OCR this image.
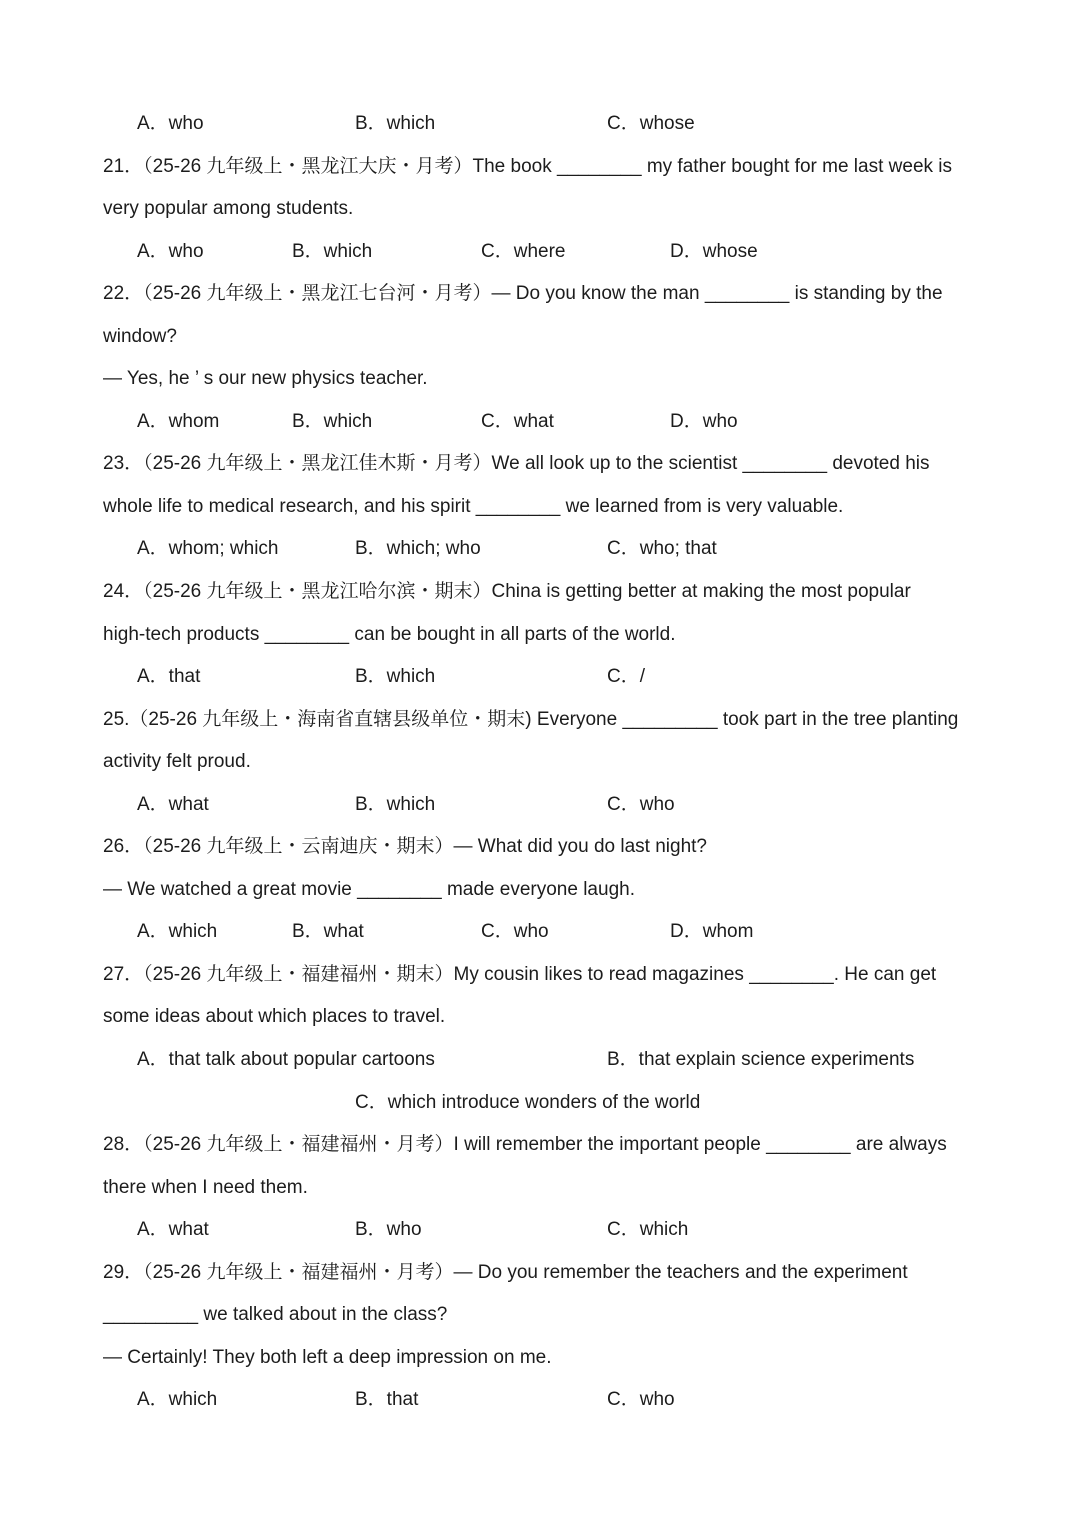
A．who	B．which	C．whose
21．（25-26 九年级上・黑龙江大庆・月考）The book ________ my father bought for me last week is
very popular among students.
A．who	B．which	C．where	D．whose
22．（25-26 九年级上・黑龙江七台河・月考）— Do you know the man ________ is standing by the
window?
— Yes, he ’ s our new physics teacher.
A．whom	B．which	C．what	D．who
23．（25-26 九年级上・黑龙江佳木斯・月考）We all look up to the scientist ________ devoted his
whole life to medical research, and his spirit ________ we learned from is very valuable.
A．whom; which	B．which; who	C．who; that
24．（25-26 九年级上・黑龙江哈尔滨・期末）China is getting better at making the most popular
high-tech products ________ can be bought in all parts of the world.
A．that	B．which	C．/
25.（25-26 九年级上・海南省直辖县级单位・期末) Everyone _________ took part in the tree planting
activity felt proud.
A．what	B．which	C．who
26．（25-26 九年级上・云南迪庆・期末）— What did you do last night?
— We watched a great movie ________ made everyone laugh.
A．which	B．what	C．who	D．whom
27．（25-26 九年级上・福建福州・期末）My cousin likes to read magazines ________. He can get
some ideas about which places to travel.
A．that talk about popular cartoons	B．that explain science experiments
C．which introduce wonders of the world
28．（25-26 九年级上・福建福州・月考）I will remember the important people ________ are always
there when I need them.
A．what	B．who	C．which
29．（25-26 九年级上・福建福州・月考）— Do you remember the teachers and the experiment
_________ we talked about in the class?
— Certainly! They both left a deep impression on me.
A．which	B．that	C．who
